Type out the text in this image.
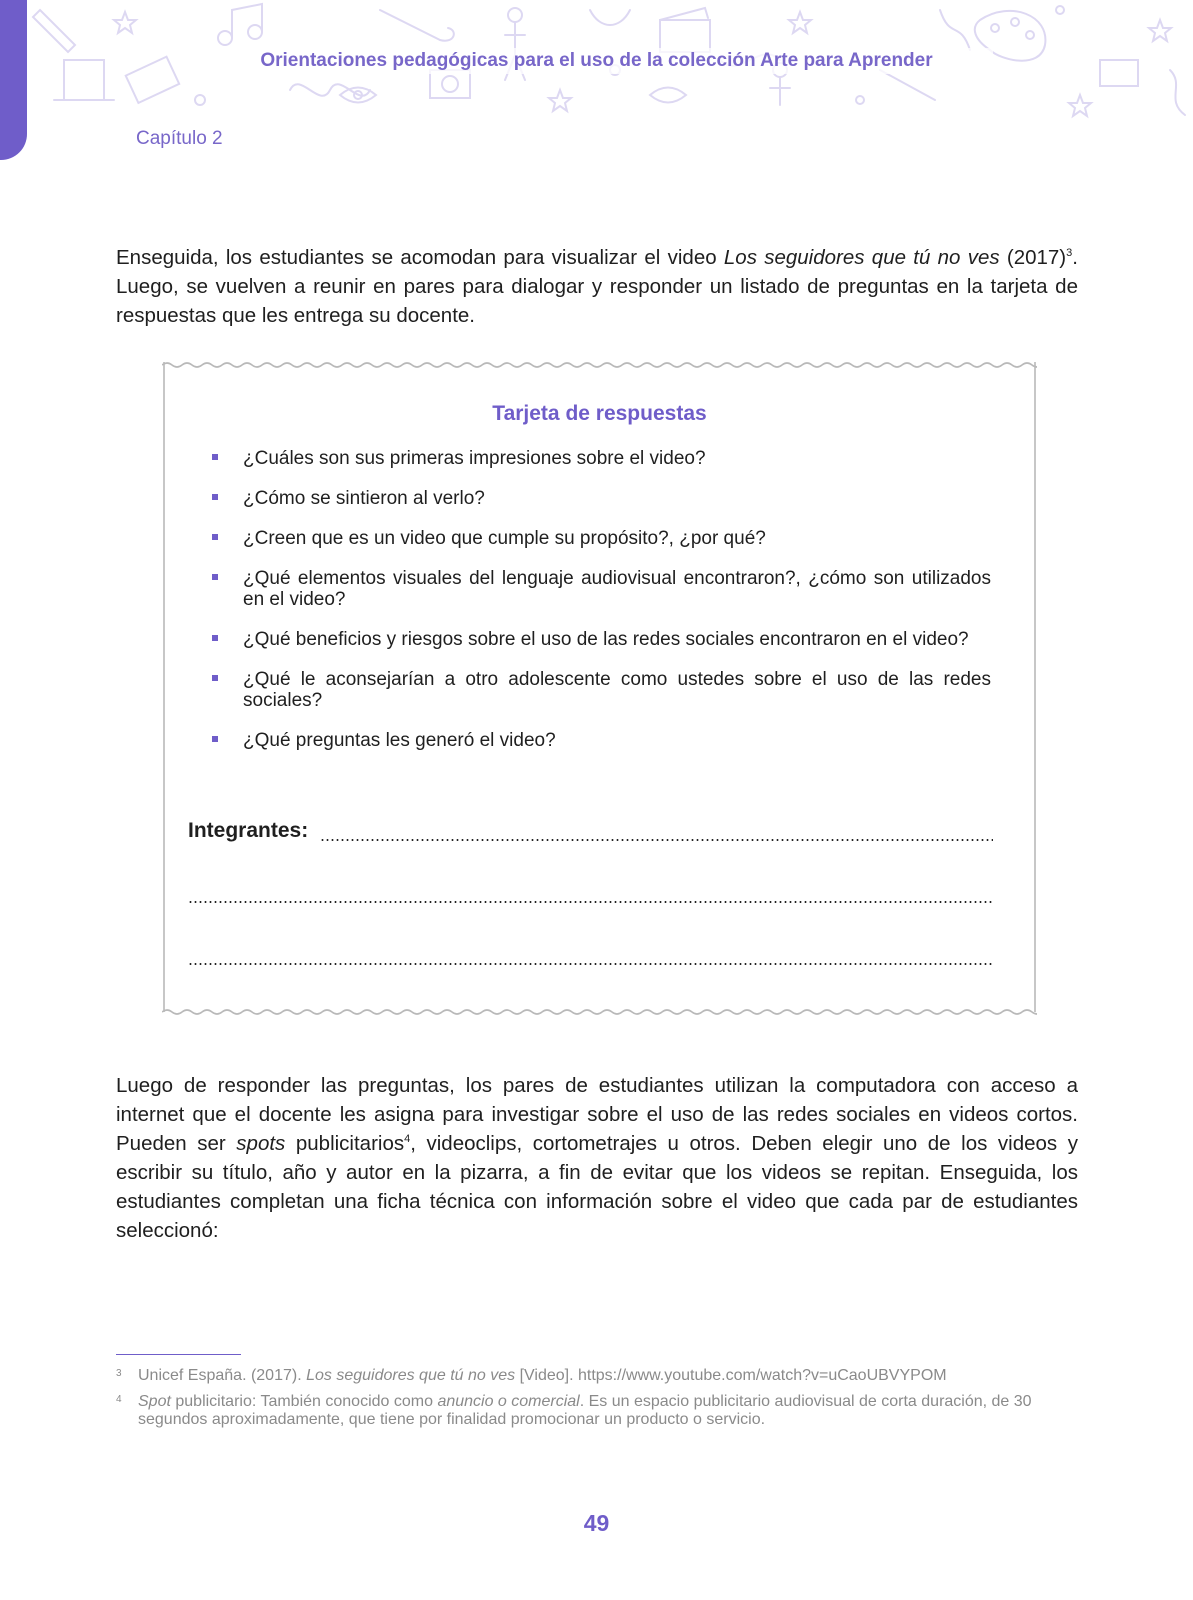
Orientaciones pedagógicas para el uso de la colección Arte para Aprender
Capítulo 2

Enseguida, los estudiantes se acomodan para visualizar el video Los seguidores que tú no ves $(2017)^3$. Luego, se vuelven a reunir en pares para dialogar y responder un listado de preguntas en la tarjeta de respuestas que les entrega su docente.

Tarjeta de respuestas
¿Cuáles son sus primeras impresiones sobre el video?
¿Cómo se sintieron al verlo?
¿Creen que es un video que cumple su propósito?, ¿por qué?
¿Qué elementos visuales del lenguaje audiovisual encontraron?, ¿cómo son utilizados en el video?
¿Qué beneficios y riesgos sobre el uso de las redes sociales encontraron en el video?
¿Qué le aconsejarían a otro adolescente como ustedes sobre el uso de las redes sociales?
¿Qué preguntas les generó el video?
Integrantes:

Luego de responder las preguntas, los pares de estudiantes utilizan la computadora con acceso a internet que el docente les asigna para investigar sobre el uso de las redes sociales en videos cortos. Pueden ser spots publicitarios$^4$, videoclips, cortometrajes u otros. Deben elegir uno de los videos y escribir su título, año y autor en la pizarra, a fin de evitar que los videos se repitan. Enseguida, los estudiantes completan una ficha técnica con información sobre el video que cada par de estudiantes seleccionó:

3 Unicef España. (2017). Los seguidores que tú no ves [Video]. https://www.youtube.com/watch?v=uCaoUBVYPOM
4 Spot publicitario: También conocido como anuncio o comercial. Es un espacio publicitario audiovisual de corta duración, de 30 segundos aproximadamente, que tiene por finalidad promocionar un producto o servicio.
49
